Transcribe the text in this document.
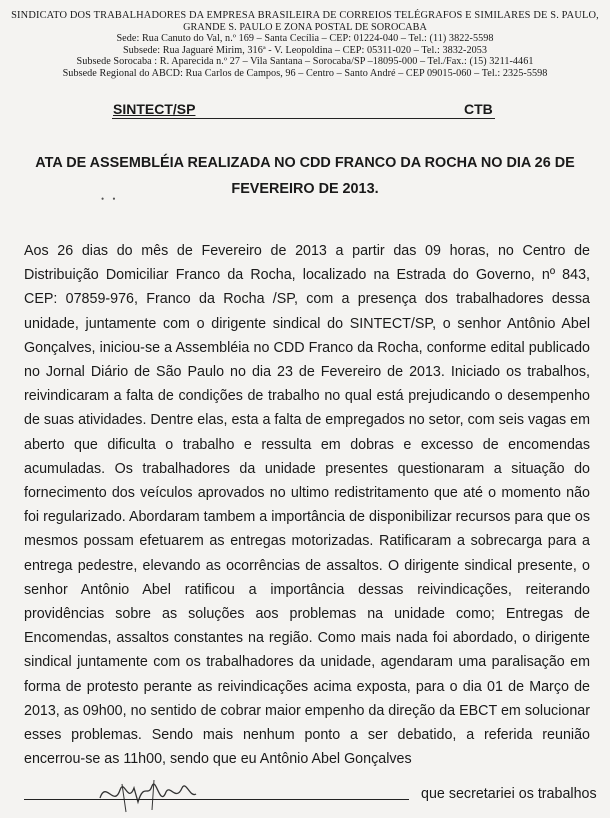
SINDICATO DOS TRABALHADORES DA EMPRESA BRASILEIRA DE CORREIOS TELÉGRAFOS E SIMILARES DE S. PAULO,
GRANDE S. PAULO E ZONA POSTAL DE SOROCABA
Sede: Rua Canuto do Val, n.º 169 – Santa Cecília – CEP: 01224-040 – Tel.: (11) 3822-5598
Subsede: Rua Jaguaré Mirim, 316ª - V. Leopoldina – CEP: 05311-020 – Tel.: 3832-2053
Subsede Sorocaba : R. Aparecida n.º 27 – Vila Santana – Sorocaba/SP –18095-000 – Tel./Fax.: (15) 3211-4461
Subsede Regional do ABCD: Rua Carlos de Campos, 96 – Centro – Santo André – CEP 09015-060 – Tel.: 2325-5598
SINTECT/SP	CTB
ATA DE ASSEMBLÉIA REALIZADA NO CDD FRANCO DA ROCHA NO DIA 26 DE FEVEREIRO DE 2013.
• •
Aos 26 dias do mês de Fevereiro de 2013 a partir das 09 horas, no Centro de Distribuição Domiciliar Franco da Rocha, localizado na Estrada do Governo, nº 843, CEP: 07859-976, Franco da Rocha /SP, com a presença dos trabalhadores dessa unidade, juntamente com o dirigente sindical do SINTECT/SP, o senhor Antônio Abel Gonçalves, iniciou-se a Assembléia no CDD Franco da Rocha, conforme edital publicado no Jornal Diário de São Paulo no dia 23 de Fevereiro de 2013. Iniciado os trabalhos, reivindicaram a falta de condições de trabalho no qual está prejudicando o desempenho de suas atividades. Dentre elas, esta a falta de empregados no setor, com seis vagas em aberto que dificulta o trabalho e ressulta em dobras e excesso de encomendas acumuladas. Os trabalhadores da unidade presentes questionaram a situação do fornecimento dos veículos aprovados no ultimo redistritamento que até o momento não foi regularizado. Abordaram tambem a importância de disponibilizar recursos para que os mesmos possam efetuarem as entregas motorizadas. Ratificaram a sobrecarga para a entrega pedestre, elevando as ocorrências de assaltos. O dirigente sindical presente, o senhor Antônio Abel ratificou a importância dessas reivindicações, reiterando providências sobre as soluções aos problemas na unidade como; Entregas de Encomendas, assaltos constantes na região. Como mais nada foi abordado, o dirigente sindical juntamente com os trabalhadores da unidade, agendaram uma paralisação em forma de protesto perante as reivindicações acima exposta, para o dia 01 de Março de 2013, as 09h00, no sentido de cobrar maior empenho da direção da EBCT em solucionar esses problemas. Sendo mais nenhum ponto a ser debatido, a referida reunião encerrou-se as 11h00, sendo que eu Antônio Abel Gonçalves
que secretariei os trabalhos
